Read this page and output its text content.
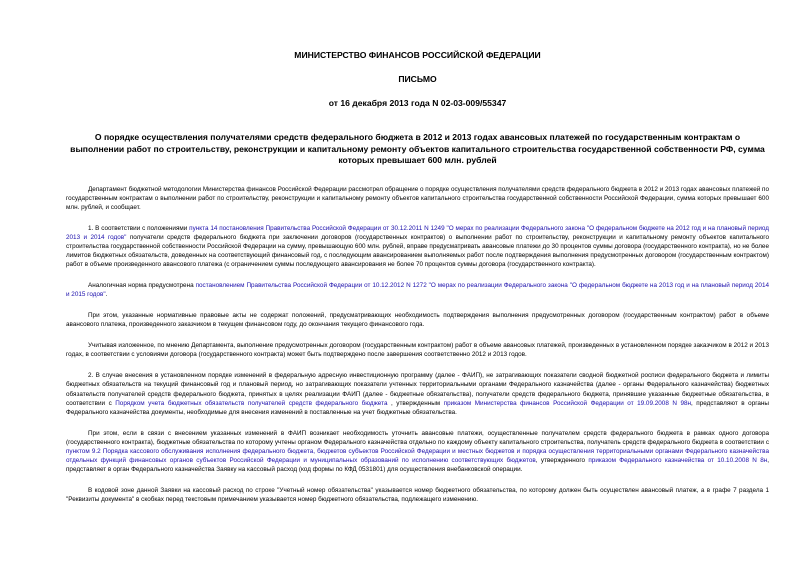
МИНИСТЕРСТВО ФИНАНСОВ РОССИЙСКОЙ ФЕДЕРАЦИИ
ПИСЬМО
от 16 декабря 2013 года N 02-03-009/55347
О порядке осуществления получателями средств федерального бюджета в 2012 и 2013 годах авансовых платежей по государственным контрактам о выполнении работ по строительству, реконструкции и капитальному ремонту объектов капитального строительства государственной собственности РФ, сумма которых превышает 600 млн. рублей

Департамент бюджетной методологии Министерства финансов Российской Федерации рассмотрел обращение о порядке осуществления получателями средств федерального бюджета в 2012 и 2013 годах авансовых платежей по государственным контрактам о выполнении работ по строительству, реконструкции и капитальному ремонту объектов капитального строительства государственной собственности Российской Федерации, сумма которых превышает 600 млн. рублей, и сообщает.

1. В соответствии с положениями пункта 14 постановления Правительства Российской Федерации от 30.12.2011 N 1249 "О мерах по реализации Федерального закона "О федеральном бюджете на 2012 год и на плановый период 2013 и 2014 годов" получатели средств федерального бюджета при заключении договоров (государственных контрактов) о выполнении работ по строительству, реконструкции и капитальному ремонту объектов капитального строительства государственной собственности Российской Федерации на сумму, превышающую 600 млн. рублей, вправе предусматривать авансовые платежи до 30 процентов суммы договора (государственного контракта), но не более лимитов бюджетных обязательств, доведенных на соответствующий финансовый год, с последующим авансированием выполняемых работ после подтверждения выполнения предусмотренных договором (государственным контрактом) работ в объеме произведенного авансового платежа (с ограничением суммы последующего авансирования не более 70 процентов суммы договора (государственного контракта).

Аналогичная норма предусмотрена постановлением Правительства Российской Федерации от 10.12.2012 N 1272 "О мерах по реализации Федерального закона "О федеральном бюджете на 2013 год и на плановый период 2014 и 2015 годов".

При этом, указанные нормативные правовые акты не содержат положений, предусматривающих необходимость подтверждения выполнения предусмотренных договором (государственным контрактом) работ в объеме авансового платежа, произведенного заказчиком в текущем финансовом году, до окончания текущего финансового года.

Учитывая изложенное, по мнению Департамента, выполнение предусмотренных договором (государственным контрактом) работ в объеме авансовых платежей, произведенных в установленном порядке заказчиком в 2012 и 2013 годах, в соответствии с условиями договора (государственного контракта) может быть подтверждено после завершения соответственно 2012 и 2013 годов.

2. В случае внесения в установленном порядке изменений в федеральную адресную инвестиционную программу (далее - ФАИП), не затрагивающих показатели сводной бюджетной росписи федерального бюджета и лимиты бюджетных обязательств на текущий финансовый год и плановый период, но затрагивающих показатели учтенных территориальными органами Федерального казначейства (далее - органы Федерального казначейства) бюджетных обязательств получателей средств федерального бюджета, принятых в целях реализации ФАИП (далее - бюджетные обязательства), получатели средств федерального бюджета, принявшие указанные бюджетные обязательства, в соответствии с Порядком учета бюджетных обязательств получателей средств федерального бюджета , утвержденным приказом Министерства финансов Российской Федерации от 19.09.2008 N 98н, представляют в органы Федерального казначейства документы, необходимые для внесения изменений в поставленные на учет бюджетные обязательства.

При этом, если в связи с внесением указанных изменений в ФАИП возникает необходимость уточнить авансовые платежи, осуществленные получателем средств федерального бюджета в рамках одного договора (государственного контракта), бюджетные обязательства по которому учтены органом Федерального казначейства отдельно по каждому объекту капитального строительства, получатель средств федерального бюджета в соответствии с пунктом 9.2 Порядка кассового обслуживания исполнения федерального бюджета, бюджетов субъектов Российской Федерации и местных бюджетов и порядка осуществления территориальными органами Федерального казначейства отдельных функций финансовых органов субъектов Российской Федерации и муниципальных образований по исполнению соответствующих бюджетов, утвержденного приказом Федерального казначейства от 10.10.2008 N 8н, представляет в орган Федерального казначейства Заявку на кассовый расход (код формы по КФД 0531801) для осуществления внебанковской операции.

В кодовой зоне данной Заявки на кассовый расход по строке "Учетный номер обязательства" указывается номер бюджетного обязательства, по которому должен быть осуществлен авансовый платеж, а в графе 7 раздела 1 "Реквизиты документа" в скобках перед текстовым примечанием указывается номер бюджетного обязательства, подлежащего изменению.
